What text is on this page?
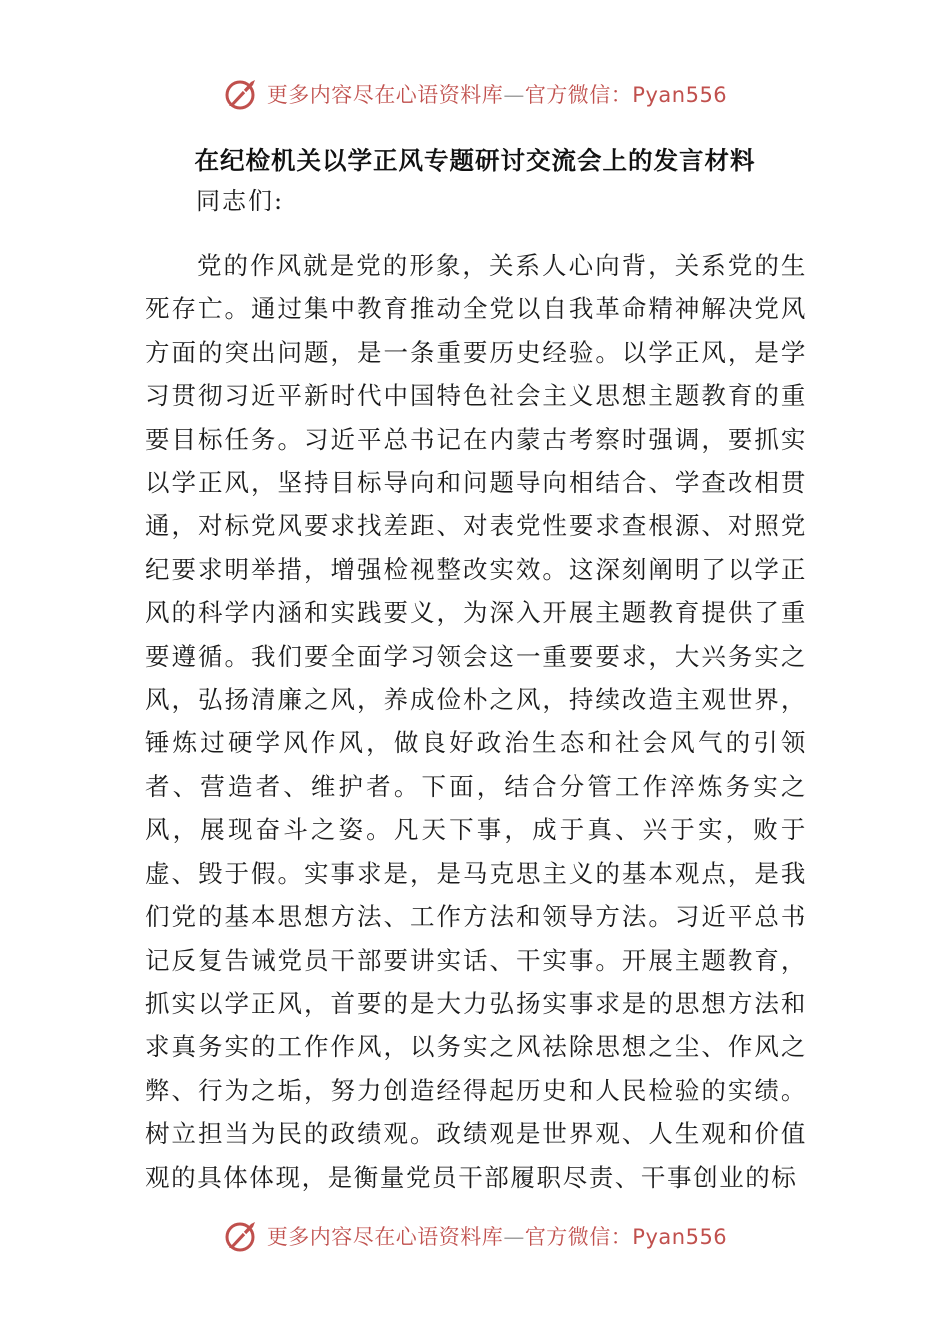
更多内容尽在心语资料库—官方微信：Pyan556
在纪检机关以学正风专题研讨交流会上的发言材料
同志们:

党的作风就是党的形象，关系人心向背，关系党的生死存亡。通过集中教育推动全党以自我革命精神解决党风方面的突出问题，是一条重要历史经验。以学正风，是学习贯彻习近平新时代中国特色社会主义思想主题教育的重要目标任务。习近平总书记在内蒙古考察时强调，要抓实以学正风，坚持目标导向和问题导向相结合、学查改相贯通，对标党风要求找差距、对表党性要求查根源、对照党纪要求明举措，增强检视整改实效。这深刻阐明了以学正风的科学内涵和实践要义，为深入开展主题教育提供了重要遵循。我们要全面学习领会这一重要要求，大兴务实之风，弘扬清廉之风，养成俭朴之风，持续改造主观世界，锤炼过硬学风作风，做良好政治生态和社会风气的引领者、营造者、维护者。下面，结合分管工作淬炼务实之风，展现奋斗之姿。凡天下事，成于真、兴于实，败于虚、毁于假。实事求是，是马克思主义的基本观点，是我们党的基本思想方法、工作方法和领导方法。习近平总书记反复告诫党员干部要讲实话、干实事。开展主题教育，抓实以学正风，首要的是大力弘扬实事求是的思想方法和求真务实的工作作风，以务实之风祛除思想之尘、作风之弊、行为之垢，努力创造经得起历史和人民检验的实绩。树立担当为民的政绩观。政绩观是世界观、人生观和价值观的具体体现，是衡量党员干部履职尽责、干事创业的标

更多内容尽在心语资料库—官方微信：Pyan556
